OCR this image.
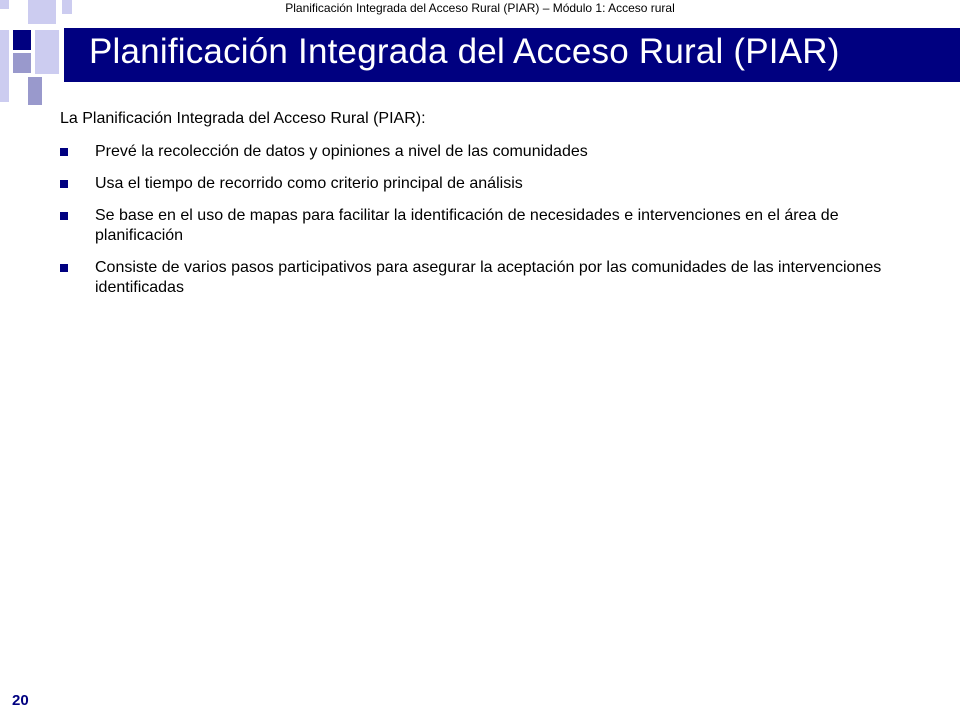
Planificación Integrada del Acceso Rural (PIAR) – Módulo 1: Acceso rural
Planificación Integrada del Acceso Rural (PIAR)
La Planificación Integrada del Acceso Rural (PIAR):
Prevé la recolección de datos y opiniones a nivel de las comunidades
Usa el tiempo de recorrido como criterio principal de análisis
Se base en el uso de mapas para facilitar la identificación de necesidades e intervenciones en el área de planificación
Consiste de varios pasos participativos para asegurar la aceptación por las comunidades de las intervenciones identificadas
20
